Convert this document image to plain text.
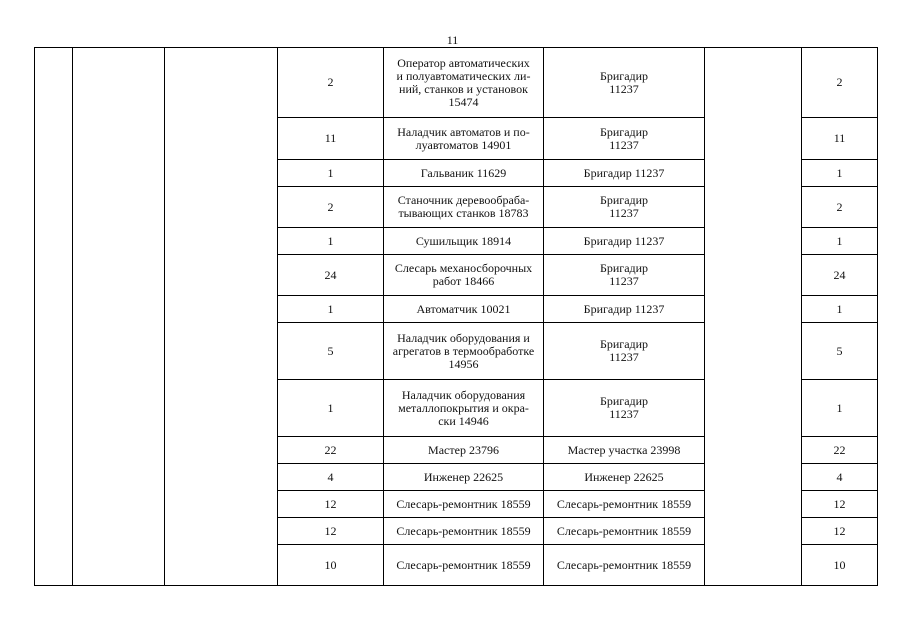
11
			2	Оператор автоматических
и полуавтоматических ли-
ний, станков и установок
15474	Бригадир
11237		2
			11	Наладчик автоматов и по-
луавтоматов 14901	Бригадир
11237		11
			1	Гальваник 11629	Бригадир 11237		1
			2	Станочник деревообраба-
тывающих станков 18783	Бригадир
11237		2
			1	Сушильщик 18914	Бригадир 11237		1
			24	Слесарь механосборочных
работ 18466	Бригадир
11237		24
			1	Автоматчик 10021	Бригадир 11237		1
			5	Наладчик оборудования и
агрегатов в термообработке
14956	Бригадир
11237		5
			1	Наладчик оборудования
металлопокрытия и окра-
ски 14946	Бригадир
11237		1
			22	Мастер 23796	Мастер участка 23998		22
			4	Инженер 22625	Инженер 22625		4
			12	Слесарь-ремонтник 18559	Слесарь-ремонтник 18559		12
			12	Слесарь-ремонтник 18559	Слесарь-ремонтник 18559		12
			10	Слесарь-ремонтник 18559	Слесарь-ремонтник 18559		10
